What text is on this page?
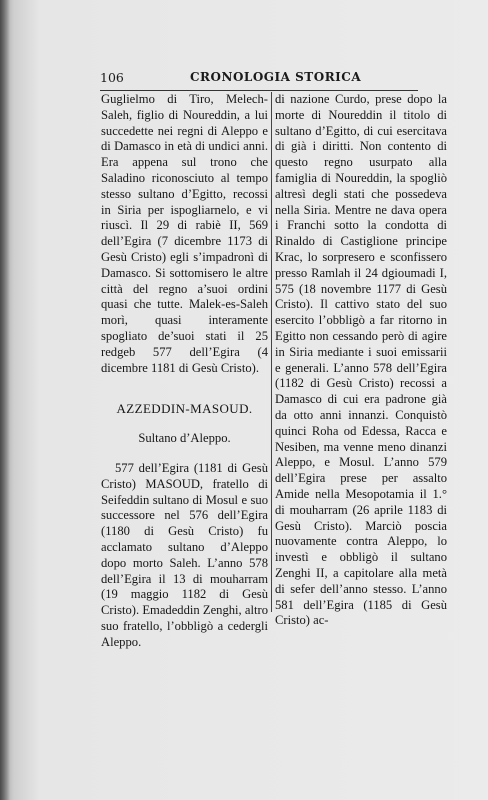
106	CRONOLOGIA STORICA

Guglielmo di Tiro, Melech-Saleh, figlio di Noureddin, a lui succedette nei regni di Aleppo e di Damasco in età di undici anni. Era appena sul trono che Saladino riconosciuto al tempo stesso sultano d’Egitto, recossi in Siria per ispogliarnelo, e vi riuscì. Il 29 di rabiè II, 569 dell’Egira (7 dicembre 1173 di Gesù Cristo) egli s’impadronì di Damasco. Si sottomisero le altre città del regno a’suoi ordini quasi che tutte. Malek-es-Saleh morì, quasi interamente spogliato de’suoi stati il 25 redgeb 577 dell’Egira (4 dicembre 1181 di Gesù Cristo).

AZZEDDIN-MASOUD.
Sultano d’Aleppo.

577 dell’Egira (1181 di Gesù Cristo) MASOUD, fratello di Seifeddin sultano di Mosul e suo successore nel 576 dell’Egira (1180 di Gesù Cristo) fu acclamato sultano d’Aleppo dopo morto Saleh. L’anno 578 dell’Egira il 13 di mouharram (19 maggio 1182 di Gesù Cristo). Emadeddin Zenghi, altro suo fratello, l’obbligò a cedergli Aleppo.

di nazione Curdo, prese dopo la morte di Noureddin il titolo di sultano d’Egitto, di cui esercitava di già i diritti. Non contento di questo regno usurpato alla famiglia di Noureddin, la spogliò altresì degli stati che possedeva nella Siria. Mentre ne dava opera i Franchi sotto la condotta di Rinaldo di Castiglione principe Krac, lo sorpresero e sconfissero presso Ramlah il 24 dgioumadi I, 575 (18 novembre 1177 di Gesù Cristo). Il cattivo stato del suo esercito l’obbligò a far ritorno in Egitto non cessando però di agire in Siria mediante i suoi emissarii e generali. L’anno 578 dell’Egira (1182 di Gesù Cristo) recossi a Damasco di cui era padrone già da otto anni innanzi. Conquistò quinci Roha od Edessa, Racca e Nesiben, ma venne meno dinanzi Aleppo, e Mosul. L’anno 579 dell’Egira prese per assalto Amide nella Mesopotamia il 1.° di mouharram (26 aprile 1183 di Gesù Cristo). Marciò poscia nuovamente contra Aleppo, lo investì e obbligò il sultano Zenghi II, a capitolare alla metà di sefer dell’anno stesso. L’anno 581 dell’Egira (1185 di Gesù Cristo) ac-
